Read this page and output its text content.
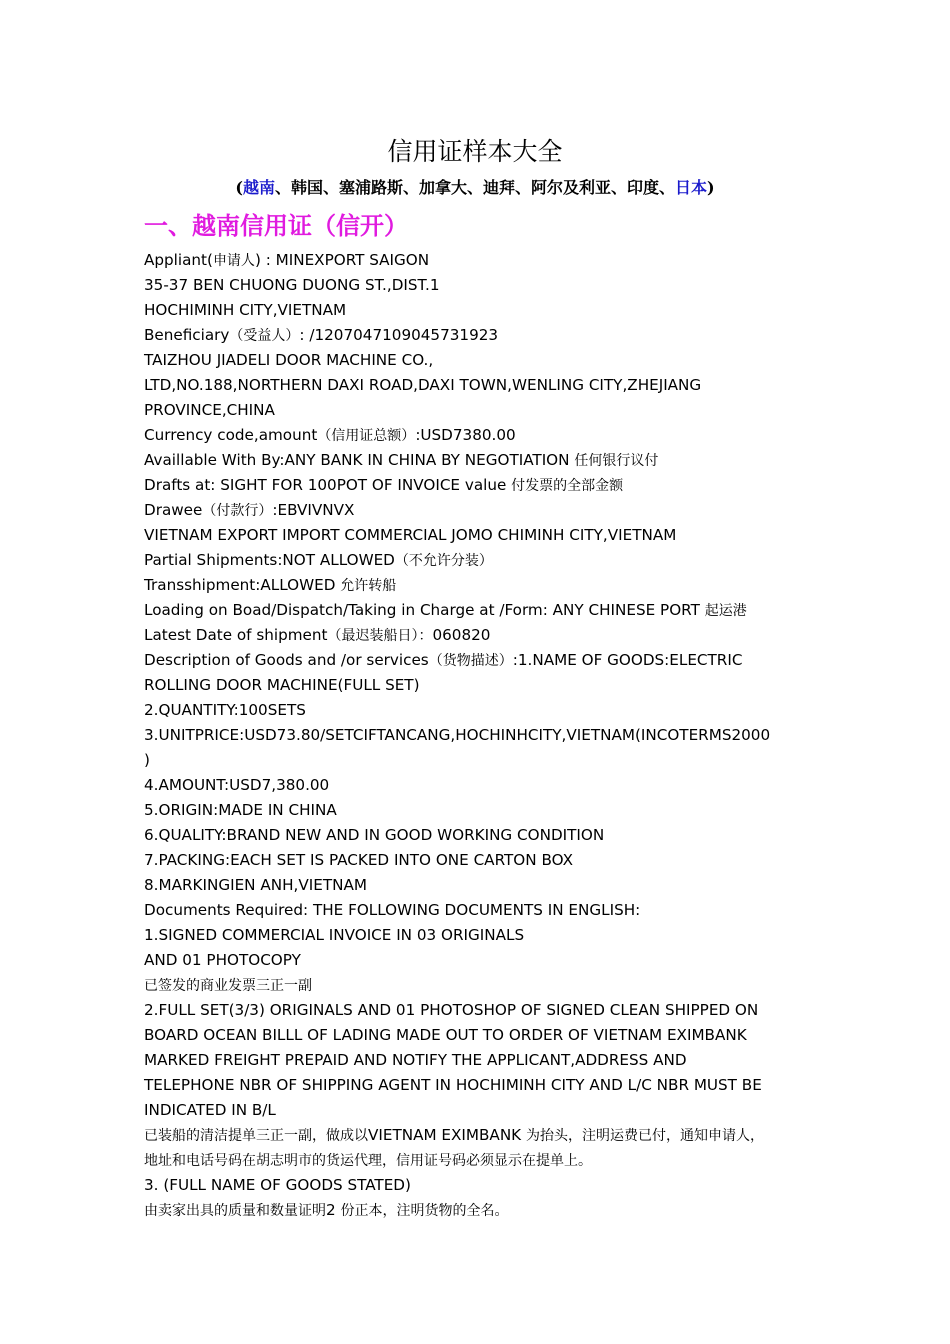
信用证样本大全
(越南、韩国、塞浦路斯、加拿大、迪拜、阿尔及利亚、印度、日本)
一、越南信用证（信开）
Appliant(申请人) : MINEXPORT SAIGON
35-37 BEN CHUONG DUONG ST.,DIST.1
HOCHIMINH CITY,VIETNAM
Beneficiary（受益人）: /1207047109045731923
TAIZHOU JIADELI DOOR MACHINE CO.,
LTD,NO.188,NORTHERN DAXI ROAD,DAXI TOWN,WENLING CITY,ZHEJIANG
PROVINCE,CHINA
Currency code,amount（信用证总额）:USD7380.00
Availlable With By:ANY BANK IN CHINA BY NEGOTIATION 任何银行议付
Drafts at: SIGHT FOR 100POT OF INVOICE value 付发票的全部金额
Drawee（付款行）:EBVIVNVX
VIETNAM EXPORT IMPORT COMMERCIAL JOMO CHIMINH CITY,VIETNAM
Partial Shipments:NOT ALLOWED（不允许分装）
Transshipment:ALLOWED 允许转船
Loading on Boad/Dispatch/Taking in Charge at /Form: ANY CHINESE PORT 起运港
Latest Date of shipment（最迟装船日）：060820
Description of Goods and /or services（货物描述）:1.NAME OF GOODS:ELECTRIC
ROLLING DOOR MACHINE(FULL SET)
2.QUANTITY:100SETS
3.UNITPRICE:USD73.80/SETCIFTANCANG,HOCHINHCITY,VIETNAM(INCOTERMS2000
)
4.AMOUNT:USD7,380.00
5.ORIGIN:MADE IN CHINA
6.QUALITY:BRAND NEW AND IN GOOD WORKING CONDITION
7.PACKING:EACH SET IS PACKED INTO ONE CARTON BOX
8.MARKINGIEN ANH,VIETNAM
Documents Required: THE FOLLOWING DOCUMENTS IN ENGLISH:
1.SIGNED COMMERCIAL INVOICE IN 03 ORIGINALS
AND 01 PHOTOCOPY
已签发的商业发票三正一副
2.FULL SET(3/3) ORIGINALS AND 01 PHOTOSHOP OF SIGNED CLEAN SHIPPED ON
BOARD OCEAN BILLL OF LADING MADE OUT TO ORDER OF VIETNAM EXIMBANK
MARKED FREIGHT PREPAID AND NOTIFY THE APPLICANT,ADDRESS AND
TELEPHONE NBR OF SHIPPING AGENT IN HOCHIMINH CITY AND L/C NBR MUST BE
INDICATED IN B/L
已装船的清洁提单三正一副，做成以VIETNAM EXIMBANK 为抬头，注明运费已付，通知申请人，
地址和电话号码在胡志明市的货运代理，信用证号码必须显示在提单上。
3. (FULL NAME OF GOODS STATED)
由卖家出具的质量和数量证明2 份正本，注明货物的全名。
